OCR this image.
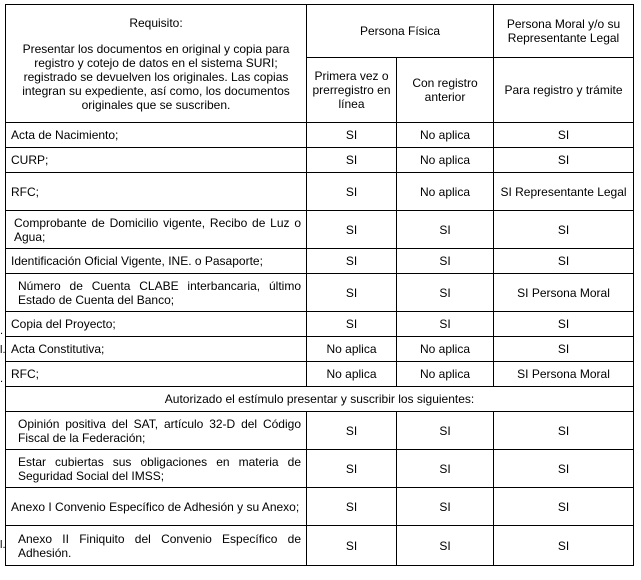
.
l.
.
l.
Requisito:
Presentar los documentos en original y copia para registro y cotejo de datos en el sistema SURI; registrado se devuelven los originales. Las copias integran su expediente, así como, los documentos originales que se suscriben.	Persona Física		Persona Moral y/o su Representante Legal
	Primera vez o prerregistro en línea	Con registro anterior	Para registro y trámite
Acta de Nacimiento;	SI	No aplica	SI
CURP;	SI	No aplica	SI
RFC;	SI	No aplica	SI Representante Legal
Comprobante de Domicilio vigente, Recibo de Luz o Agua;	SI	SI	SI
Identificación Oficial Vigente, INE. o Pasaporte;	SI	SI	SI
Número de Cuenta CLABE interbancaria, último Estado de Cuenta del Banco;	SI	SI	SI Persona Moral
Copia del Proyecto;	SI	SI	SI
Acta Constitutiva;	No aplica	No aplica	SI
RFC;	No aplica	No aplica	SI Persona Moral
Autorizado el estímulo presentar y suscribir los siguientes:			
Opinión positiva del SAT, artículo 32-D del Código Fiscal de la Federación;	SI	SI	SI
Estar cubiertas sus obligaciones en materia de Seguridad Social del IMSS;	SI	SI	SI
Anexo I Convenio Específico de Adhesión y su Anexo;	SI	SI	SI
Anexo II Finiquito del Convenio Específico de Adhesión.	SI	SI	SI
